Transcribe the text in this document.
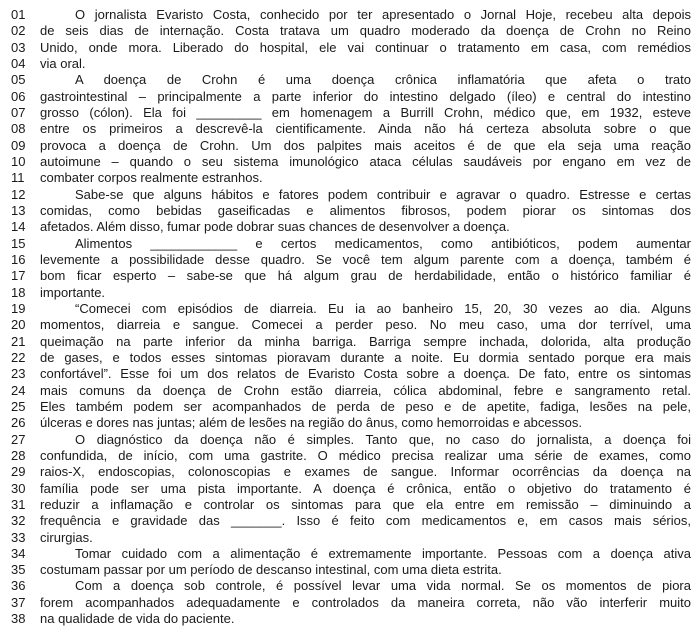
01	O jornalista Evaristo Costa, conhecido por ter apresentado o Jornal Hoje, recebeu alta depois
02	de seis dias de internação. Costa tratava um quadro moderado da doença de Crohn no Reino
03	Unido, onde mora. Liberado do hospital, ele vai continuar o tratamento em casa, com remédios
04	via oral.
05	A doença de Crohn é uma doença crônica inflamatória que afeta o trato
06	gastrointestinal – principalmente a parte inferior do intestino delgado (íleo) e central do intestino
07	grosso (cólon). Ela foi _________ em homenagem a Burrill Crohn, médico que, em 1932, esteve
08	entre os primeiros a descrevê-la cientificamente. Ainda não há certeza absoluta sobre o que
09	provoca a doença de Crohn. Um dos palpites mais aceitos é de que ela seja uma reação
10	autoimune – quando o seu sistema imunológico ataca células saudáveis por engano em vez de
11	combater corpos realmente estranhos.
12	Sabe-se que alguns hábitos e fatores podem contribuir e agravar o quadro. Estresse e certas
13	comidas, como bebidas gaseificadas e alimentos fibrosos, podem piorar os sintomas dos
14	afetados. Além disso, fumar pode dobrar suas chances de desenvolver a doença.
15	Alimentos ____________ e certos medicamentos, como antibióticos, podem aumentar
16	levemente a possibilidade desse quadro. Se você tem algum parente com a doença, também é
17	bom ficar esperto – sabe-se que há algum grau de herdabilidade, então o histórico familiar é
18	importante.
19	“Comecei com episódios de diarreia. Eu ia ao banheiro 15, 20, 30 vezes ao dia. Alguns
20	momentos, diarreia e sangue. Comecei a perder peso. No meu caso, uma dor terrível, uma
21	queimação na parte inferior da minha barriga. Barriga sempre inchada, dolorida, alta produção
22	de gases, e todos esses sintomas pioravam durante a noite. Eu dormia sentado porque era mais
23	confortável”. Esse foi um dos relatos de Evaristo Costa sobre a doença. De fato, entre os sintomas
24	mais comuns da doença de Crohn estão diarreia, cólica abdominal, febre e sangramento retal.
25	Eles também podem ser acompanhados de perda de peso e de apetite, fadiga, lesões na pele,
26	úlceras e dores nas juntas; além de lesões na região do ânus, como hemorroidas e abcessos.
27	O diagnóstico da doença não é simples. Tanto que, no caso do jornalista, a doença foi
28	confundida, de início, com uma gastrite. O médico precisa realizar uma série de exames, como
29	raios-X, endoscopias, colonoscopias e exames de sangue. Informar ocorrências da doença na
30	família pode ser uma pista importante. A doença é crônica, então o objetivo do tratamento é
31	reduzir a inflamação e controlar os sintomas para que ela entre em remissão – diminuindo a
32	frequência e gravidade das _______. Isso é feito com medicamentos e, em casos mais sérios,
33	cirurgias.
34	Tomar cuidado com a alimentação é extremamente importante. Pessoas com a doença ativa
35	costumam passar por um período de descanso intestinal, com uma dieta estrita.
36	Com a doença sob controle, é possível levar uma vida normal. Se os momentos de piora
37	forem acompanhados adequadamente e controlados da maneira correta, não vão interferir muito
38	na qualidade de vida do paciente.
